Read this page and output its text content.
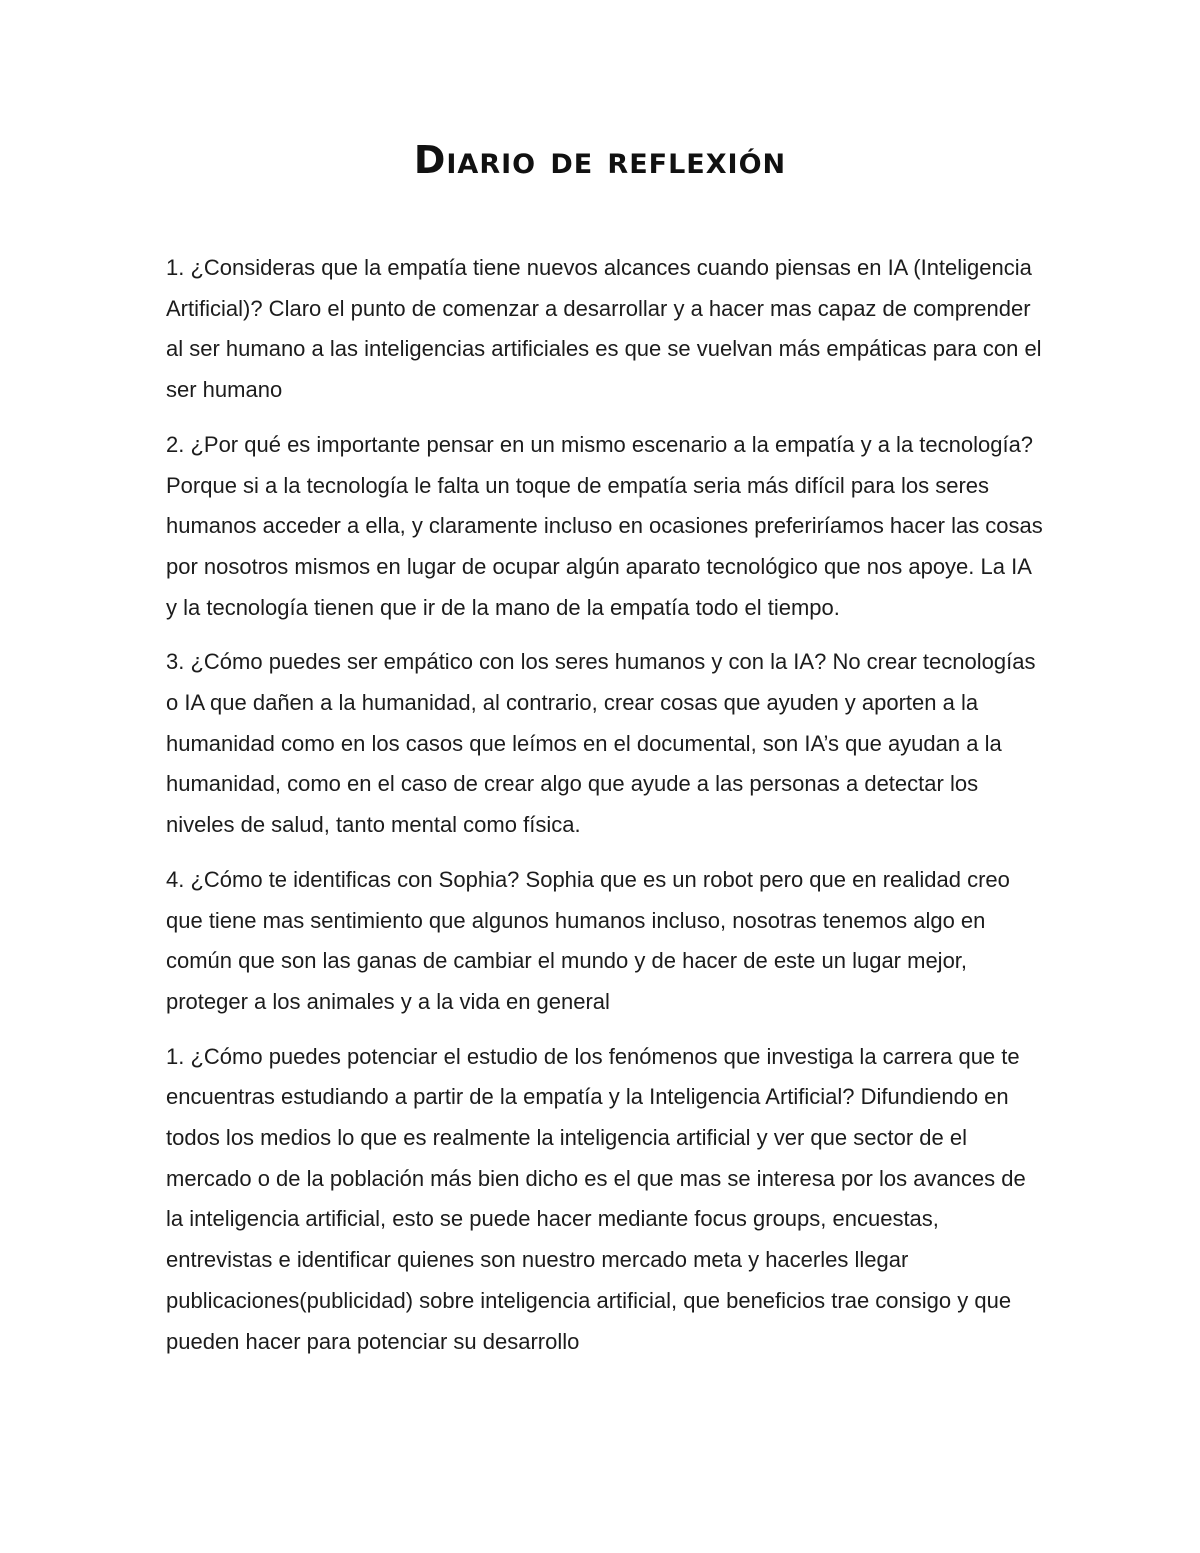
Diario de reflexión

1. ¿Consideras que la empatía tiene nuevos alcances cuando piensas en IA (Inteligencia Artificial)? Claro el punto de comenzar a desarrollar y a hacer mas capaz de comprender al ser humano a las inteligencias artificiales es que se vuelvan más empáticas para con el ser humano

2. ¿Por qué es importante pensar en un mismo escenario a la empatía y a la tecnología? Porque si a la tecnología le falta un toque de empatía seria más difícil para los seres humanos acceder a ella, y claramente incluso en ocasiones preferiríamos hacer las cosas por nosotros mismos en lugar de ocupar algún aparato tecnológico que nos apoye. La IA y la tecnología tienen que ir de la mano de la empatía todo el tiempo.

3. ¿Cómo puedes ser empático con los seres humanos y con la IA? No crear tecnologías o IA que dañen a la humanidad, al contrario, crear cosas que ayuden y aporten a la humanidad como en los casos que leímos en el documental, son IA’s que ayudan a la humanidad, como en el caso de crear algo que ayude a las personas a detectar los niveles de salud, tanto mental como física.

4. ¿Cómo te identificas con Sophia? Sophia que es un robot pero que en realidad creo que tiene mas sentimiento que algunos humanos incluso, nosotras tenemos algo en común que son las ganas de cambiar el mundo y de hacer de este un lugar mejor, proteger a los animales y a la vida en general

1. ¿Cómo puedes potenciar el estudio de los fenómenos que investiga la carrera que te encuentras estudiando a partir de la empatía y la Inteligencia Artificial? Difundiendo en todos los medios lo que es realmente la inteligencia artificial y ver que sector de el mercado o de la población más bien dicho es el que mas se interesa por los avances de la inteligencia artificial, esto se puede hacer mediante focus groups, encuestas, entrevistas e identificar quienes son nuestro mercado meta y hacerles llegar publicaciones(publicidad) sobre inteligencia artificial, que beneficios trae consigo y que pueden hacer para potenciar su desarrollo
